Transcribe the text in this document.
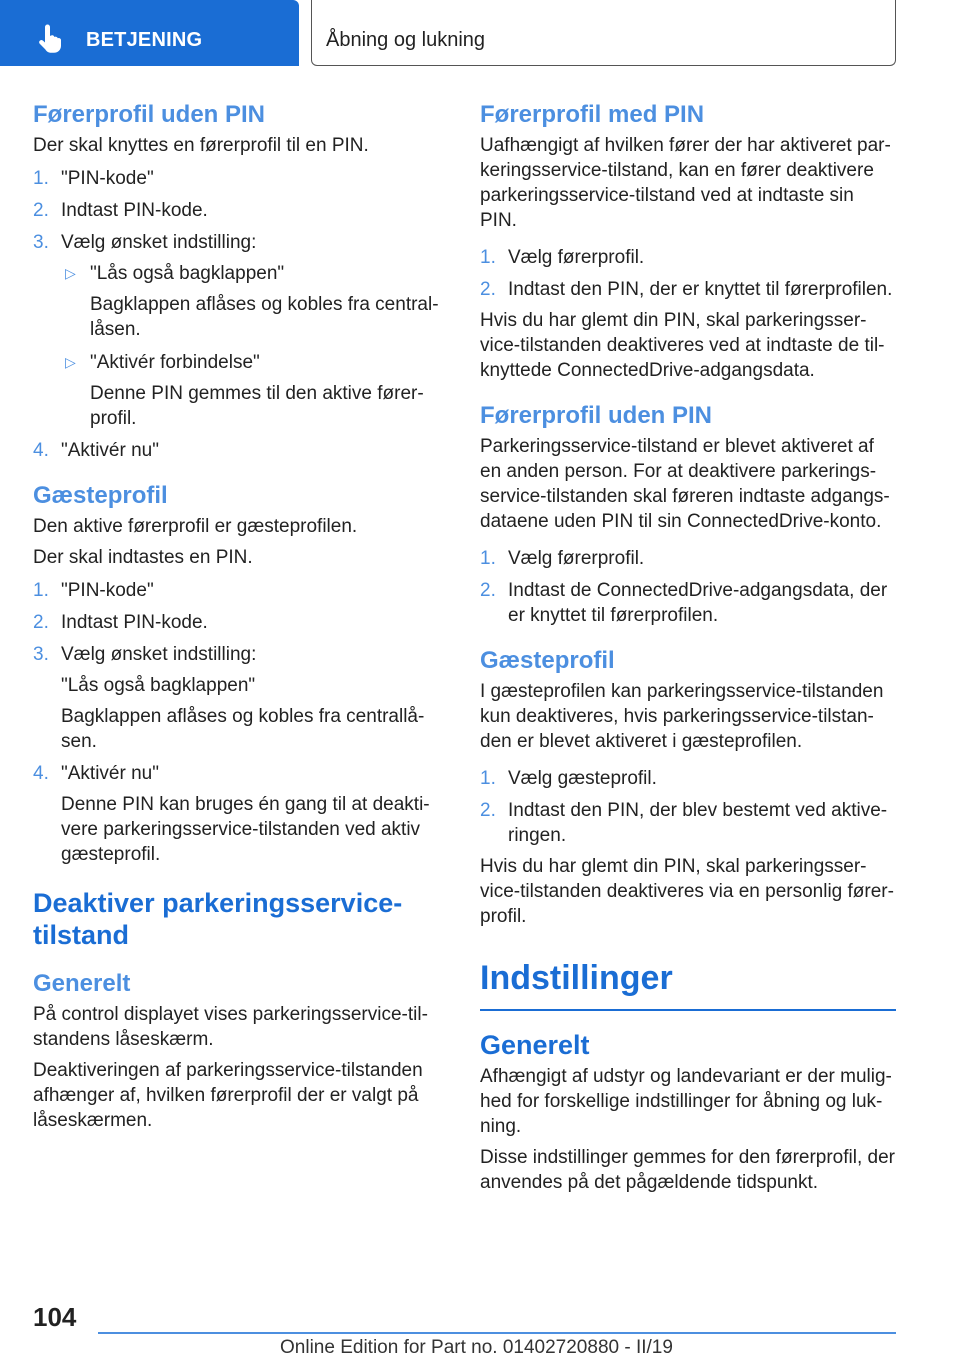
BETJENING	Åbning og lukning
Førerprofil uden PIN

Der skal knyttes en førerprofil til en PIN.

1. "PIN-kode"
2. Indtast PIN-kode.
3. Vælg ønsket indstilling:
▷ "Lås også bagklappen"
Bagklappen aflåses og kobles fra central-låsen.
▷ "Aktivér forbindelse"
Denne PIN gemmes til den aktive fører-profil.
4. "Aktivér nu"
Gæsteprofil

Den aktive førerprofil er gæsteprofilen.

Der skal indtastes en PIN.

1. "PIN-kode"
2. Indtast PIN-kode.
3. Vælg ønsket indstilling:
"Lås også bagklappen"
Bagklappen aflåses og kobles fra centrallå-sen.
4. "Aktivér nu"
Denne PIN kan bruges én gang til at deakti-vere parkeringsservice-tilstanden ved aktiv gæsteprofil.
Deaktiver parkeringsservice-tilstand
Generelt

På control displayet vises parkeringsservice-til-standens låseskærm.

Deaktiveringen af parkeringsservice-tilstanden afhænger af, hvilken førerprofil der er valgt på låseskærmen.

Førerprofil med PIN

Uafhængigt af hvilken fører der har aktiveret par-keringsservice-tilstand, kan en fører deaktivere parkeringsservice-tilstand ved at indtaste sin PIN.

1. Vælg førerprofil.
2. Indtast den PIN, der er knyttet til førerprofilen.

Hvis du har glemt din PIN, skal parkeringsser-vice-tilstanden deaktiveres ved at indtaste de til-knyttede ConnectedDrive-adgangsdata.

Førerprofil uden PIN

Parkeringsservice-tilstand er blevet aktiveret af en anden person. For at deaktivere parkerings-service-tilstanden skal føreren indtaste adgangs-dataene uden PIN til sin ConnectedDrive-konto.

1. Vælg førerprofil.
2. Indtast de ConnectedDrive-adgangsdata, der er knyttet til førerprofilen.
Gæsteprofil

I gæsteprofilen kan parkeringsservice-tilstanden kun deaktiveres, hvis parkeringsservice-tilstan-den er blevet aktiveret i gæsteprofilen.

1. Vælg gæsteprofil.
2. Indtast den PIN, der blev bestemt ved aktive-ringen.

Hvis du har glemt din PIN, skal parkeringsser-vice-tilstanden deaktiveres via en personlig fører-profil.

Indstillinger
Generelt

Afhængigt af udstyr og landevariant er der mulig-hed for forskellige indstillinger for åbning og luk-ning.

Disse indstillinger gemmes for den førerprofil, der anvendes på det pågældende tidspunkt.

104
Online Edition for Part no. 01402720880 - II/19
